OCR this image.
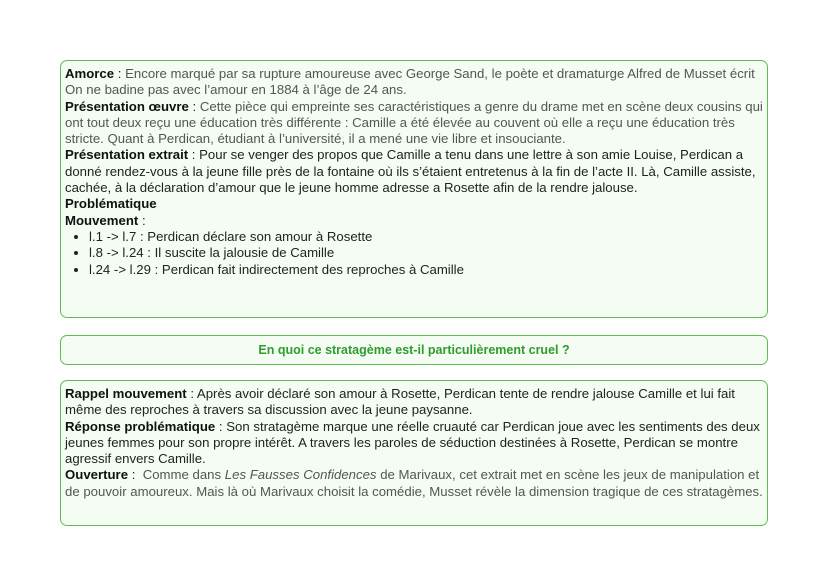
Amorce : Encore marqué par sa rupture amoureuse avec George Sand, le poète et dramaturge Alfred de Musset écrit On ne badine pas avec l’amour en 1884 à l’âge de 24 ans.

Présentation œuvre : Cette pièce qui empreinte ses caractéristiques a genre du drame met en scène deux cousins qui ont tout deux reçu une éducation très différente : Camille a été élevée au couvent où elle a reçu une éducation très stricte. Quant à Perdican, étudiant à l’université, il a mené une vie libre et insouciante.

Présentation extrait : Pour se venger des propos que Camille a tenu dans une lettre à son amie Louise, Perdican a donné rendez-vous à la jeune fille près de la fontaine où ils s’étaient entretenus à la fin de l’acte II. Là, Camille assiste, cachée, à la déclaration d’amour que le jeune homme adresse a Rosette afin de la rendre jalouse.

Problématique

Mouvement :

• l.1 -> l.7 : Perdican déclare son amour à Rosette
• l.8 -> l.24 : Il suscite la jalousie de Camille
• l.24 -> l.29 : Perdican fait indirectement des reproches à Camille
En quoi ce stratagème est-il particulièrement cruel ?

Rappel mouvement : Après avoir déclaré son amour à Rosette, Perdican tente de rendre jalouse Camille et lui fait même des reproches à travers sa discussion avec la jeune paysanne.

Réponse problématique : Son stratagème marque une réelle cruauté car Perdican joue avec les sentiments des deux jeunes femmes pour son propre intérêt. A travers les paroles de séduction destinées à Rosette, Perdican se montre agressif envers Camille.

Ouverture :  Comme dans Les Fausses Confidences de Marivaux, cet extrait met en scène les jeux de manipulation et de pouvoir amoureux. Mais là où Marivaux choisit la comédie, Musset révèle la dimension tragique de ces stratagèmes.
